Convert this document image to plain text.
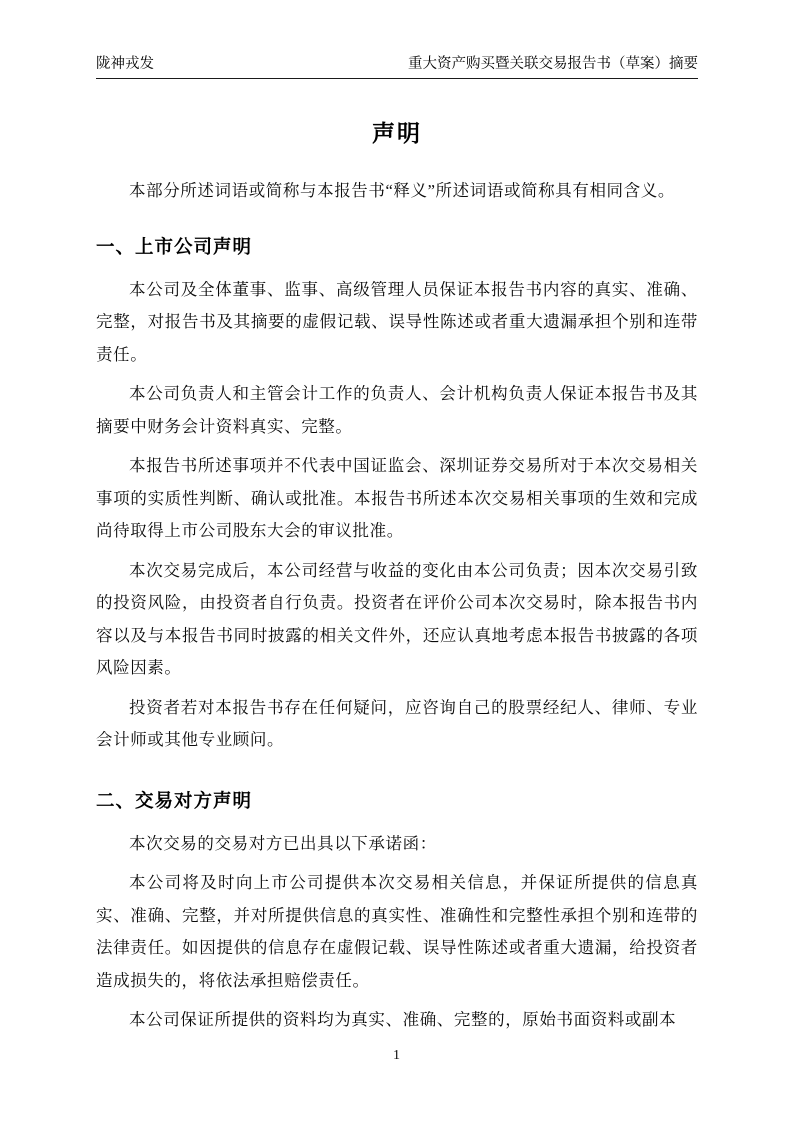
陇神戎发	重大资产购买暨关联交易报告书（草案）摘要
声明

本部分所述词语或简称与本报告书“释义”所述词语或简称具有相同含义。

一、上市公司声明

本公司及全体董事、监事、高级管理人员保证本报告书内容的真实、准确、完整，对报告书及其摘要的虚假记载、误导性陈述或者重大遗漏承担个别和连带责任。

本公司负责人和主管会计工作的负责人、会计机构负责人保证本报告书及其摘要中财务会计资料真实、完整。

本报告书所述事项并不代表中国证监会、深圳证券交易所对于本次交易相关事项的实质性判断、确认或批准。本报告书所述本次交易相关事项的生效和完成尚待取得上市公司股东大会的审议批准。

本次交易完成后，本公司经营与收益的变化由本公司负责；因本次交易引致的投资风险，由投资者自行负责。投资者在评价公司本次交易时，除本报告书内容以及与本报告书同时披露的相关文件外，还应认真地考虑本报告书披露的各项风险因素。

投资者若对本报告书存在任何疑问，应咨询自己的股票经纪人、律师、专业会计师或其他专业顾问。

二、交易对方声明

本次交易的交易对方已出具以下承诺函：

本公司将及时向上市公司提供本次交易相关信息，并保证所提供的信息真实、准确、完整，并对所提供信息的真实性、准确性和完整性承担个别和连带的法律责任。如因提供的信息存在虚假记载、误导性陈述或者重大遗漏，给投资者造成损失的，将依法承担赔偿责任。

本公司保证所提供的资料均为真实、准确、完整的，原始书面资料或副本

1
